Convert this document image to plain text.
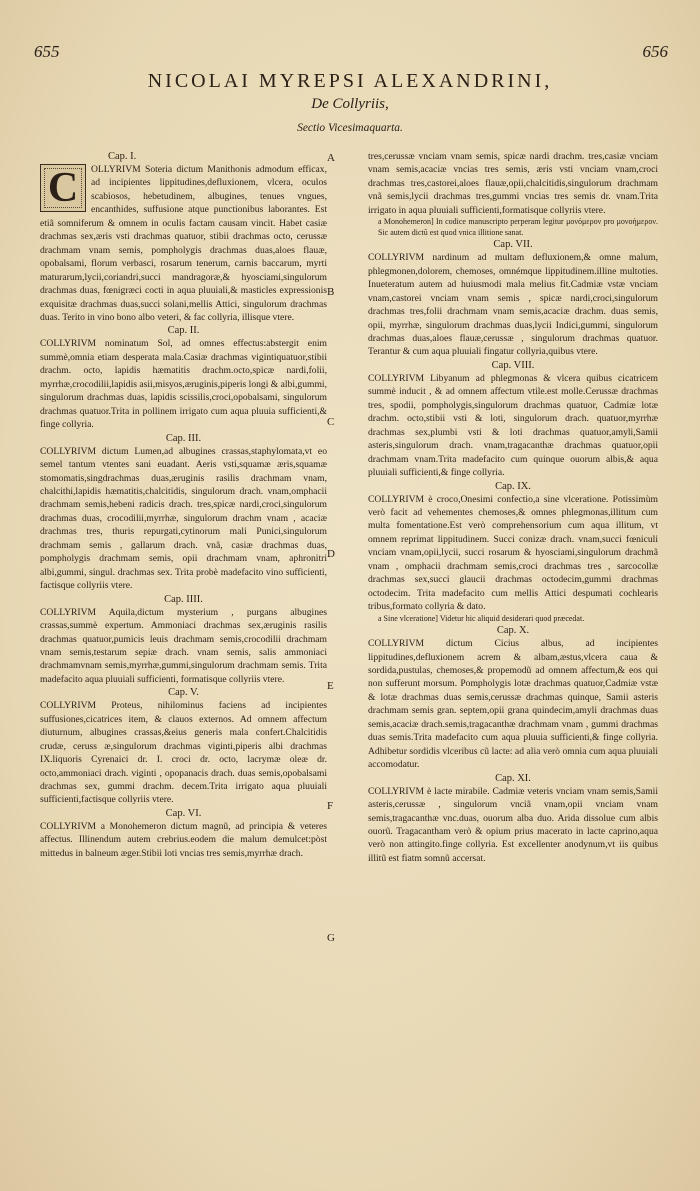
655	656
NICOLAI MYREPSI ALEXANDRINI,
De Collyriis,
Sectio Vicesimaquarta.
A
B
C
D
E
F
G

Cap. I.

C	OLLYRIVM Soteria dictum Manithonis admodum efficax, ad incipientes lippitudines,defluxionem, vlcera, oculos scabiosos, hebetudinem, albugines, tenues vngues, encanthides, suffusione atque punctionibus laborantes. Est etiã somniferum & omnem in oculis factam causam vincit. Habet casiæ drachmas sex,æris vsti drachmas quatuor, stibii drachmas octo, cerussæ drachmam vnam semis, pompholygis drachmas duas,aloes flauæ, opobalsami, florum verbasci, rosarum tenerum, carnis baccarum, myrti maturarum,lycii,coriandri,succi mandragoræ,& hyosciami,singulorum drachmas duas, fœnigræci cocti in aqua pluuiali,& masticles expressionis exquisitæ drachmas duas,succi solani,mellis Attici, singulorum drachmas duas. Terito in vino bono albo veteri, & fac collyria, illisque vtere.

Cap. II.

COLLYRIVM nominatum Sol, ad omnes effectus:abstergit enim summè,omnia etiam desperata mala.Casiæ drachmas vigintiquatuor,stibii drachm. octo, lapidis hæmatitis drachm.octo,spicæ nardi,folii, myrrhæ,crocodilii,lapidis asii,misyos,æruginis,piperis longi & albi,gummi, singulorum drachmas duas, lapidis scissilis,croci,opobalsami, singulorum drachmas quatuor.Trita in pollinem irrigato cum aqua pluuia sufficienti,& finge collyria.

Cap. III.

COLLYRIVM dictum Lumen,ad albugines crassas,staphylomata,vt eo semel tantum vtentes sani euadant. Aeris vsti,squamæ æris,squamæ stomomatis,singdrachmas duas,æruginis rasilis drachmam vnam, chalcithi,lapidis hæmatitis,chalcitidis, singulorum drach. vnam,omphacii drachmam semis,hebeni radicis drach. tres,spicæ nardi,croci,singulorum drachmas duas, crocodilii,myrrhæ, singulorum drachm vnam , acaciæ drachmas tres, thuris repurgati,cytinorum mali Punici,singulorum drachmam semis , gallarum drach. vnã, casiæ drachmas duas, pompholygis drachmam semis, opii drachmam vnam, aphronitri albi,gummi, singul. drachmas sex. Trita probè madefacito vino sufficienti, factisque collyriis vtere.

Cap. IIII.

COLLYRIVM Aquila,dictum mysterium , purgans albugines crassas,summè expertum. Ammoniaci drachmas sex,æruginis rasilis drachmas quatuor,pumicis leuis drachmam semis,crocodilii drachmam vnam semis,testarum sepiæ drach. vnam semis, salis ammoniaci drachmamvnam semis,myrrhæ,gummi,singulorum drachmam semis. Trita madefacito aqua pluuiali sufficienti, formatisque collyriis vtere.

Cap. V.

COLLYRIVM Proteus, nihilominus faciens ad incipientes suffusiones,cicatrices item, & clauos externos. Ad omnem affectum diuturnum, albugines crassas,&eius generis mala confert.Chalcitidis crudæ, ceruss æ,singulorum drachmas viginti,piperis albi drachmas IX.liquoris Cyrenaici dr. I. croci dr. octo, lacrymæ oleæ dr. octo,ammoniaci drach. viginti , opopanacis drach. duas semis,opobalsami drachmas sex, gummi drachm. decem.Trita irrigato aqua pluuiali sufficienti,factisque collyriis vtere.

Cap. VI.

COLLYRIVM a Monohemeron dictum magnũ, ad principia & veteres affectus. Illinendum autem crebrius.eodem die malum demulcet:pòst mittedus in balneum æger.Stibii loti vncias tres semis,myrrhæ drach.

tres,cerussæ vnciam vnam semis, spicæ nardi drachm. tres,casiæ vnciam vnam semis,acaciæ vncias tres semis, æris vsti vnciam vnam,croci drachmas tres,castorei,aloes flauæ,opii,chalcitidis,singulorum drachmam vnã semis,lycii drachmas tres,gummi vncias tres semis dr. vnam.Trita irrigato in aqua pluuiali sufficienti,formatisque collyriis vtere.

a Monohemeron] In codice manuscripto perperam legitur μονόμερον pro μονοήμερον. Sic autem dictũ est quod vnica illitione sanat.

Cap. VII.

COLLYRIVM nardinum ad multam defluxionem,& omne malum, phlegmonen,dolorem, chemoses, omnémque lippitudinem.illine multoties. Inueteratum autem ad huiusmodi mala melius fit.Cadmiæ vstæ vnciam vnam,castorei vnciam vnam semis , spicæ nardi,croci,singulorum drachmas tres,folii drachmam vnam semis,acaciæ drachm. duas semis, opii, myrrhæ, singulorum drachmas duas,lycii Indici,gummi, singulorum drachmas duas,aloes flauæ,cerussæ , singulorum drachmas quatuor. Terantur & cum aqua pluuiali fingatur collyria,quibus vtere.

Cap. VIII.

COLLYRIVM Libyanum ad phlegmonas & vlcera quibus cicatricem summè inducit , & ad omnem affectum vtile.est molle.Cerussæ drachmas tres, spodii, pompholygis,singulorum drachmas quatuor, Cadmiæ lotæ drachm. octo,stibii vsti & loti, singulorum drach. quatuor,myrrhæ drachmas sex,plumbi vsti & loti drachmas quatuor,amyli,Samii asteris,singulorum drach. vnam,tragacanthæ drachmas quatuor,opii drachmam vnam.Trita madefacito cum quinque ouorum albis,& aqua pluuiali sufficienti,& finge collyria.

Cap. IX.

COLLYRIVM è croco,Onesimi confectio,a sine vlceratione. Potissimùm verò facit ad vehementes chemoses,& omnes phlegmonas,illitum cum multa fomentatione.Est verò comprehensorium cum aqua illitum, vt omnem reprimat lippitudinem. Succi conizæ drach. vnam,succi fœniculi vnciam vnam,opii,lycii, succi rosarum & hyosciami,singulorum drachmã vnam , omphacii drachmam semis,croci drachmas tres , sarcocollæ drachmas sex,succi glaucii drachmas octodecim,gummi drachmas octodecim. Trita madefacito cum mellis Attici despumati cochlearis tribus,formato collyria & dato.

a Sine vlceratione] Videtur hic aliquid desiderari quod præcedat.

Cap. X.

COLLYRIVM dictum Cicius albus, ad incipientes lippitudines,defluxionem acrem & albam,æstus,vlcera caua & sordida,pustulas, chemoses,& propemodũ ad omnem affectum,& eos qui non sufferunt morsum. Pompholygis lotæ drachmas quatuor,Cadmiæ vstæ & lotæ drachmas duas semis,cerussæ drachmas quinque, Samii asteris drachmam semis gran. septem,opii grana quindecim,amyli drachmas duas semis,acaciæ drach.semis,tragacanthæ drachmam vnam , gummi drachmas duas semis.Trita madefacito cum aqua pluuia sufficienti,& finge collyria. Adhibetur sordidis vlceribus cũ lacte: ad alia verò omnia cum aqua pluuiali accomodatur.

Cap. XI.

COLLYRIVM è lacte mirabile. Cadmiæ veteris vnciam vnam semis,Samii asteris,cerussæ , singulorum vnciã vnam,opii vnciam vnam semis,tragacanthæ vnc.duas, ouorum alba duo. Arida dissolue cum albis ouorũ. Tragacantham verò & opium prius macerato in lacte caprino,aqua verò non attingito.finge collyria. Est excellenter anodynum,vt iis quibus illitũ est fiatm somnũ accersat.
